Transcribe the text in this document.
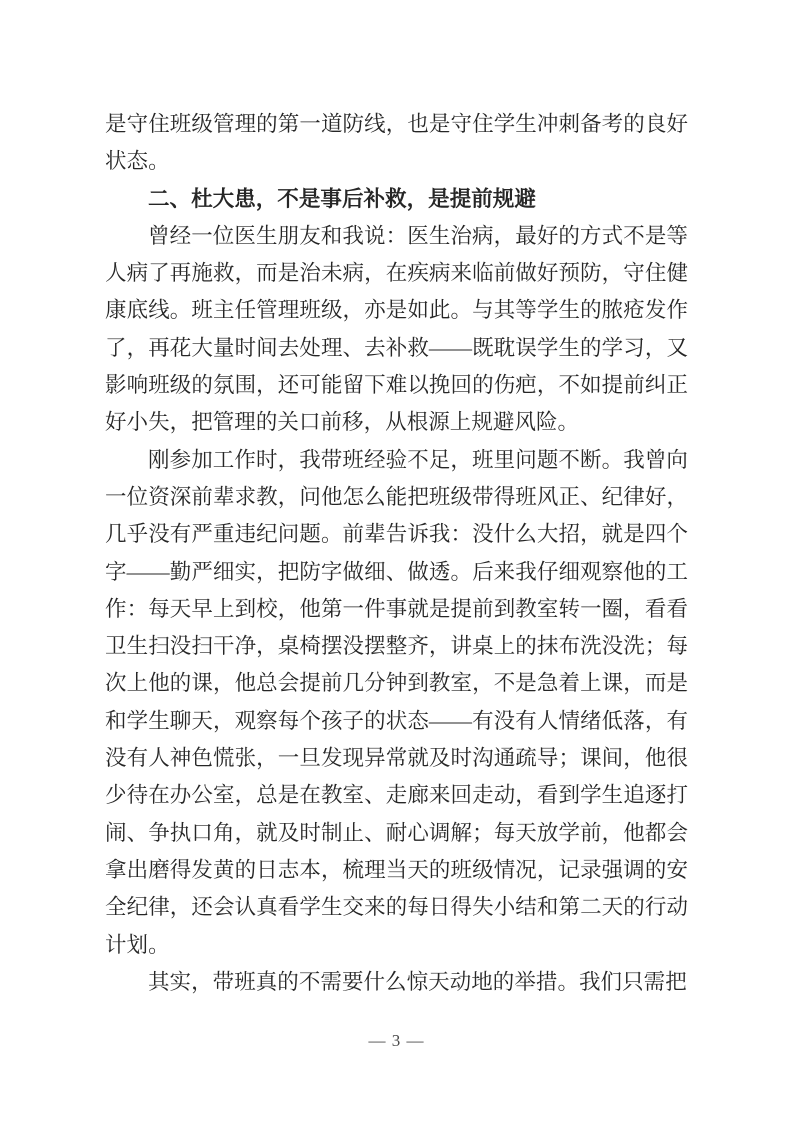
是守住班级管理的第一道防线，也是守住学生冲刺备考的良好状态。

二、杜大患，不是事后补救，是提前规避

曾经一位医生朋友和我说：医生治病，最好的方式不是等人病了再施救，而是治未病，在疾病来临前做好预防，守住健康底线。班主任管理班级，亦是如此。与其等学生的脓疮发作了，再花大量时间去处理、去补救——既耽误学生的学习，又影响班级的氛围，还可能留下难以挽回的伤疤，不如提前纠正好小失，把管理的关口前移，从根源上规避风险。

刚参加工作时，我带班经验不足，班里问题不断。我曾向一位资深前辈求教，问他怎么能把班级带得班风正、纪律好，几乎没有严重违纪问题。前辈告诉我：没什么大招，就是四个字——勤严细实，把防字做细、做透。后来我仔细观察他的工作：每天早上到校，他第一件事就是提前到教室转一圈，看看卫生扫没扫干净，桌椅摆没摆整齐，讲桌上的抹布洗没洗；每次上他的课，他总会提前几分钟到教室，不是急着上课，而是和学生聊天，观察每个孩子的状态——有没有人情绪低落，有没有人神色慌张，一旦发现异常就及时沟通疏导；课间，他很少待在办公室，总是在教室、走廊来回走动，看到学生追逐打闹、争执口角，就及时制止、耐心调解；每天放学前，他都会拿出磨得发黄的日志本，梳理当天的班级情况，记录强调的安全纪律，还会认真看学生交来的每日得失小结和第二天的行动计划。

其实，带班真的不需要什么惊天动地的举措。我们只需把

— 3 —
